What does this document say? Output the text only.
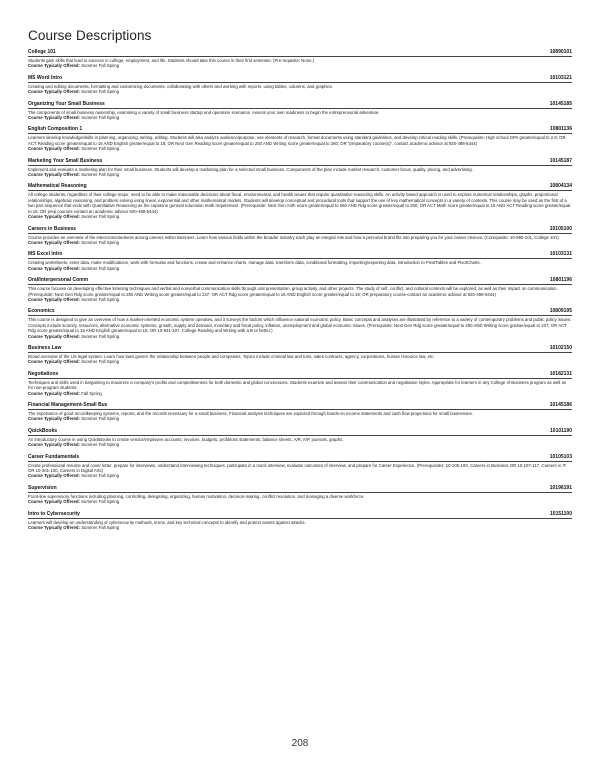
Course Descriptions
College 101	10890101
Students gain skills that lead to success in college, employment, and life. Students should take this course in their first semester. (Pre-requisite: None.)
Course Typically Offered: Summer Fall Spring
MS Word Intro	10103121
Creating and editing documents, formatting and customizing documents, collaborating with others and working with reports, using tables, columns, and graphics.
Course Typically Offered: Summer Fall Spring
Organizing Your Small Business	10145185
The components of small business ownership, examining a variety of small business startup and operation scenarios. Assess your own readiness to begin the entrepreneurial adventure.
Course Typically Offered: Summer Fall Spring
English Composition 1	10801136
Learners develop knowledge/skills in planning, organizing, writing, editing. Students will also analyze audience/purpose, use elements of research, format documents using standard guidelines, and develop critical reading skills. (Prerequisite: High school GPA greater/equal to 2.6; OR ACT Reading score greater/equal to 16 AND English greater/equal to 18; OR Next Gen Reading score greater/equal to 250 AND Writing score greater/equal to 260; OR "preparatory course(s)", contact academic advisor at 920-498-5444)
Course Typically Offered: Summer Fall Spring
Marketing Your Small Business	10145187
Implement and evaluate a marketing plan for their small business. Students will develop a marketing plan for a selected small business. Components of the plan include market research, customer focus, quality, pricing, and advertising.
Course Typically Offered: Summer Fall Spring
Mathematical Reasoning	10804134
All college students, regardless of their college major, need to be able to make reasonable decisions about fiscal, environmental, and health issues that require quantitative reasoning skills. An activity based approach is used to explore numerical relationships, graphs, proportional relationships, algebraic reasoning, and problem solving using linear, exponential and other mathematical models. Students will develop conceptual and procedural tools that support the use of key mathematical concepts in a variety of contexts. This course may be used as the first of a two part sequence that ends with Quantitative Reasoning as the capstone general education math requirement. (Prerequisite: Next Gen Arith score greater/equal to 250 AND Rdg score greater/equal to 250; OR ACT Math score greater/equal to 15 AND ACT Reading score greater/equal to 16; OR prep courses-contact an academic advisor 920-498-5444)
Course Typically Offered: Summer Fall Spring
Careers in Business	10105100
Course provides an overview of the interconnectedness among careers within Business. Learn how various fields within the broader industry each play an integral role and how a personal brand fits into preparing you for your career choices. (Corequisite: 10-890-101, College 101)
Course Typically Offered: Summer Fall Spring
MS Excel Intro	10103131
Creating worksheets, enter data, make modifications, work with formulas and functions, create and enhance charts, manage data, transform data, conditional formatting, importing/exporting data, introduction to PivotTables and PivotCharts.
Course Typically Offered: Summer Fall Spring
Oral/Interpersonal Comm	10801196
This course focuses on developing effective listening techniques and verbal and nonverbal communication skills through oral presentation, group activity, and other projects. The study of self, conflict, and cultural contexts will be explored, as well as their impact on communication. (Prerequisite: Next Gen Rdg score greater/equal to 250 AND Writing score greater/equal to 237; OR ACT Rdg score greater/equal to 16 AND English score greater/equal to 16; OR preparatory course-contact an academic advisor at 920-498-5444)
Course Typically Offered: Summer Fall Spring
Economics	10809195
This course is designed to give an overview of how a market-oriented economic system operates, and it surveys the factors which influence national economic policy. Basic concepts and analyses are illustrated by reference to a variety of contemporary problems and public policy issues. Concepts include scarcity, resources, alternative economic systems, growth, supply and demand, monetary and fiscal policy, inflation, unemployment and global economic issues. (Prerequisite: Next Gen Rdg score greater/equal to 250 AND Writing score greater/equal to 237; OR ACT Rdg score greater/equal to 16 AND English greater/equal to 15; OR 10-831-107, College Reading and Writing with a B or better.)
Course Typically Offered: Summer Fall Spring
Business Law	10102150
Broad overview of the US legal system. Learn how laws govern the relationship between people and companies. Topics include criminal law and torts, sales contracts, agency, corporations, human resource law, etc.
Course Typically Offered: Summer Fall Spring
Negotiations	10182131
Techniques and skills used in bargaining to maximize a company's profits and competitiveness for both domestic and global concessions. Students examine and assess their communication and negotiation styles. Appropriate for learners in any College of Business program as well as for non-program students.
Course Typically Offered: Fall Spring
Financial Management-Small Bus	10145186
The importance of good recordkeeping systems, reports, and the records necessary for a small business. Financial analysis techniques are explored through hands-on income statements and cash flow projections for small businesses.
Course Typically Offered: Summer Fall Spring
QuickBooks	10101190
An introductory course in using QuickBooks to create vendor/employee accounts, invoices, budgets, profit/loss statements, balance sheets, A/R, A/P, journals, graphs.
Course Typically Offered: Summer Fall Spring
Career Fundamentals	10105103
Create professional resume and cover letter, prepare for interviews, understand interviewing techniques, participate in a mock interview, evaluate outcomes of interview, and prepare for Career Experience. (Prerequisites: 10-105-100, Careers in Business OR 10-107-117, Careers in IT OR 10-201-100, Careers in Digital Arts)
Course Typically Offered: Summer Fall Spring
Supervision	10196191
Front-line supervisory functions including planning, controlling, delegating, organizing, human motivation, decision-making, conflict resolution, and managing a diverse workforce.
Course Typically Offered: Summer Fall Spring
Intro to Cybersecurity	10151100
Learners will develop an understanding of cybersecurity methods, terms, and key technical concepts to identify and protect assets against attacks.
Course Typically Offered: Summer Fall Spring
208
